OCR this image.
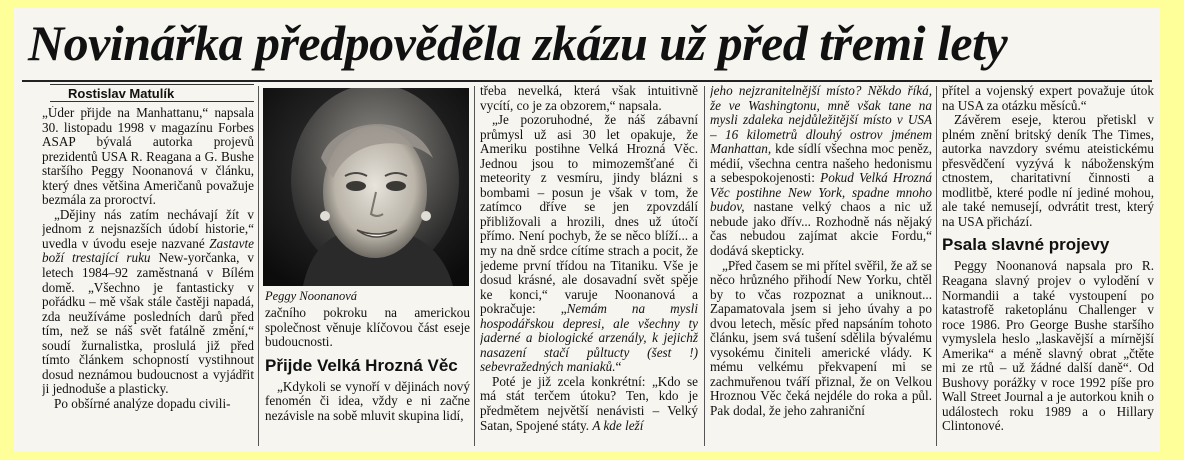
Novinářka předpověděla zkázu už před třemi lety
Rostislav Matulík

„Úder přijde na Manhattanu,“ napsala 30. listopadu 1998 v magazínu Forbes ASAP bývalá autorka projevů prezidentů USA R. Reagana a G. Bushe staršího Peggy Noonanová v článku, který dnes většina Američanů považuje bezmála za proroctví.

„Dějiny nás zatím nechávají žít v jednom z nejsnazších údobí historie,“ uvedla v úvodu eseje nazvané Zastavte boží trestající ruku New-yorčanka, v letech 1984–92 zaměstnaná v Bílém domě. „Všechno je fantasticky v pořádku – mě však stále častěji napadá, zda neužíváme posledních darů před tím, než se náš svět fatálně změní,“ soudí žurnalistka, proslulá již před tímto článkem schopností vystihnout dosud neznámou budoucnost a vyjádřit ji jednoduše a plasticky.

Po obšírné analýze dopadu civili-

Peggy Noonanová

začního pokroku na americkou společnost věnuje klíčovou část eseje budoucnosti.

Přijde Velká Hrozná Věc

„Kdykoli se vynoří v dějinách nový fenomén či idea, vždy e ni začne nezávisle na sobě mluvit skupina lidí,

třeba nevelká, která však intuitivně vycítí, co je za obzorem,“ napsala.

„Je pozoruhodné, že náš zábavní průmysl už asi 30 let opakuje, že Ameriku postihne Velká Hrozná Věc. Jednou jsou to mimozemšťané či meteority z vesmíru, jindy blázni s bombami – posun je však v tom, že zatímco dříve se jen zpovzdálí přibližovali a hrozili, dnes už útočí přímo. Není pochyb, že se něco blíží... a my na dně srdce cítíme strach a pocit, že jedeme první třídou na Titaniku. Vše je dosud krásné, ale dosavadní svět spěje ke konci,“ varuje Noonanová a pokračuje: „Nemám na mysli hospodářskou depresi, ale všechny ty jaderné a biologické arzenály, k jejichž nasazení stačí půltucty (šest !) sebevražedných maniaků.“

Poté je již zcela konkrétní: „Kdo se má stát terčem útoku? Ten, kdo je předmětem největší nenávisti – Velký Satan, Spojené státy. A kde leží

jeho nejzranitelnější místo? Někdo říká, že ve Washingtonu, mně však tane na mysli zdaleka nejdůležitější místo v USA – 16 kilometrů dlouhý ostrov jménem Manhattan, kde sídlí všechna moc peněz, médií, všechna centra našeho hedonismu a sebespokojenosti: Pokud Velká Hrozná Věc postihne New York, spadne mnoho budov, nastane velký chaos a nic už nebude jako dřív... Rozhodně nás nějaký čas nebudou zajímat akcie Fordu,“ dodává skepticky.

„Před časem se mi přítel svěřil, že až se něco hrůzného přihodí New Yorku, chtěl by to včas rozpoznat a uniknout... Zapamatovala jsem si jeho úvahy a po dvou letech, měsíc před napsáním tohoto článku, jsem svá tušení sdělila bývalému vysokému činiteli americké vlády. K mému velkému překvapení mi se zachmuřenou tváří přiznal, že on Velkou Hroznou Věc čeká nejdéle do roka a půl. Pak dodal, že jeho zahraniční

přítel a vojenský expert považuje útok na USA za otázku měsíců.“

Závěrem eseje, kterou přetiskl v plném znění britský deník The Times, autorka navzdory svému ateistickému přesvědčení vyzývá k náboženským ctnostem, charitativní činnosti a modlitbě, které podle ní jediné mohou, ale také nemusejí, odvrátit trest, který na USA přichází.

Psala slavné projevy

Peggy Noonanová napsala pro R. Reagana slavný projev o vylodění v Normandii a také vystoupení po katastrofě raketoplánu Challenger v roce 1986. Pro George Bushe staršího vymyslela heslo „laskavější a mírnější Amerika“ a méně slavný obrat „čtěte mi ze rtů – už žádné další daně“. Od Bushovy porážky v roce 1992 píše pro Wall Street Journal a je autorkou knih o událostech roku 1989 a o Hillary Clintonové.
